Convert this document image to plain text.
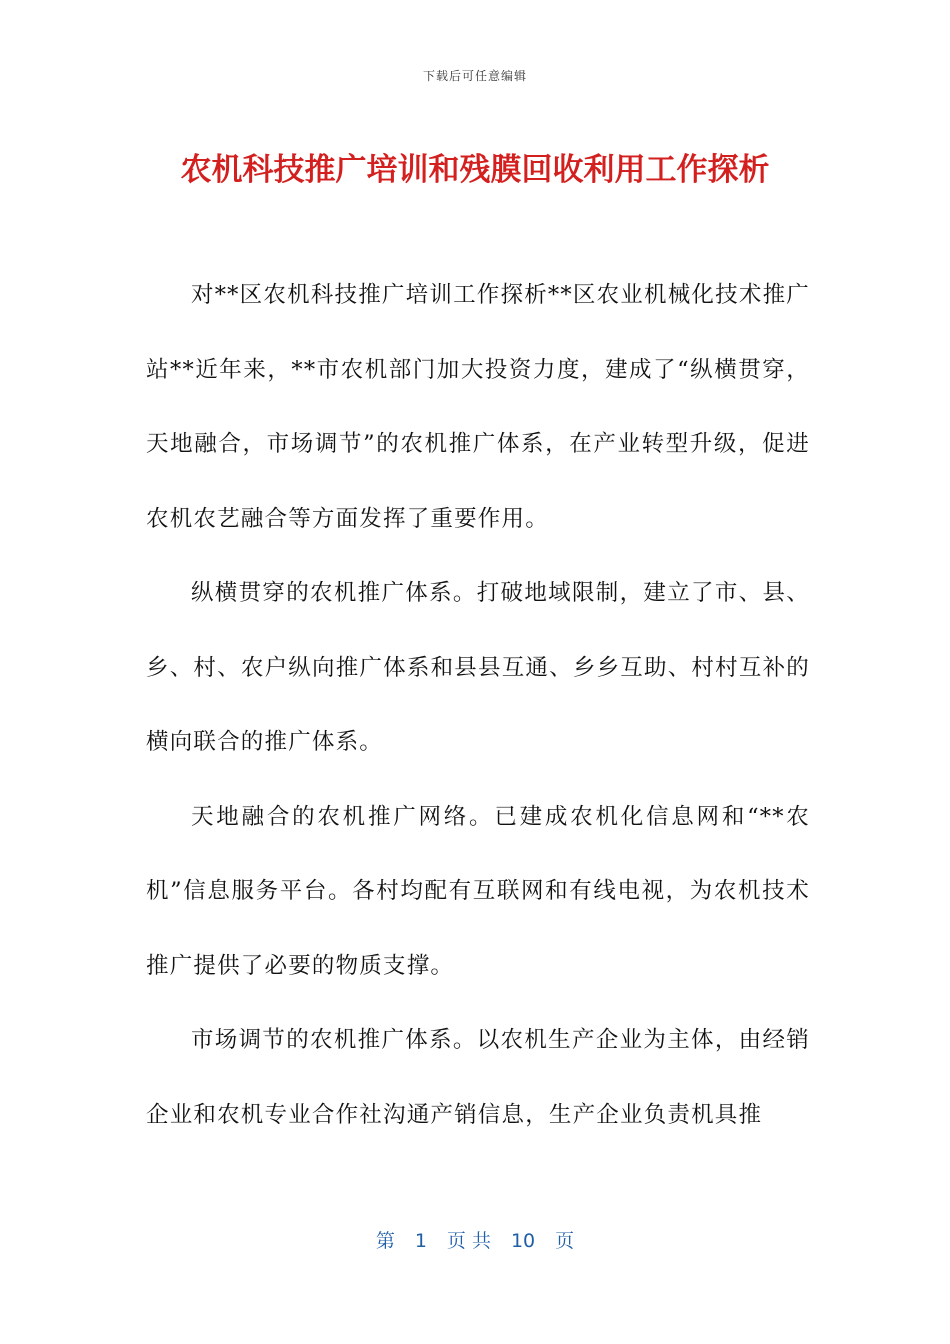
下载后可任意编辑
农机科技推广培训和残膜回收利用工作探析

对**区农机科技推广培训工作探析**区农业机械化技术推广站**近年来，**市农机部门加大投资力度，建成了“纵横贯穿，天地融合，市场调节”的农机推广体系，在产业转型升级，促进农机农艺融合等方面发挥了重要作用。

纵横贯穿的农机推广体系。打破地域限制，建立了市、县、乡、村、农户纵向推广体系和县县互通、乡乡互助、村村互补的横向联合的推广体系。

天地融合的农机推广网络。已建成农机化信息网和“**农机”信息服务平台。各村均配有互联网和有线电视，为农机技术推广提供了必要的物质支撑。

市场调节的农机推广体系。以农机生产企业为主体，由经销企业和农机专业合作社沟通产销信息，生产企业负责机具推

第 1 页 共 10 页
